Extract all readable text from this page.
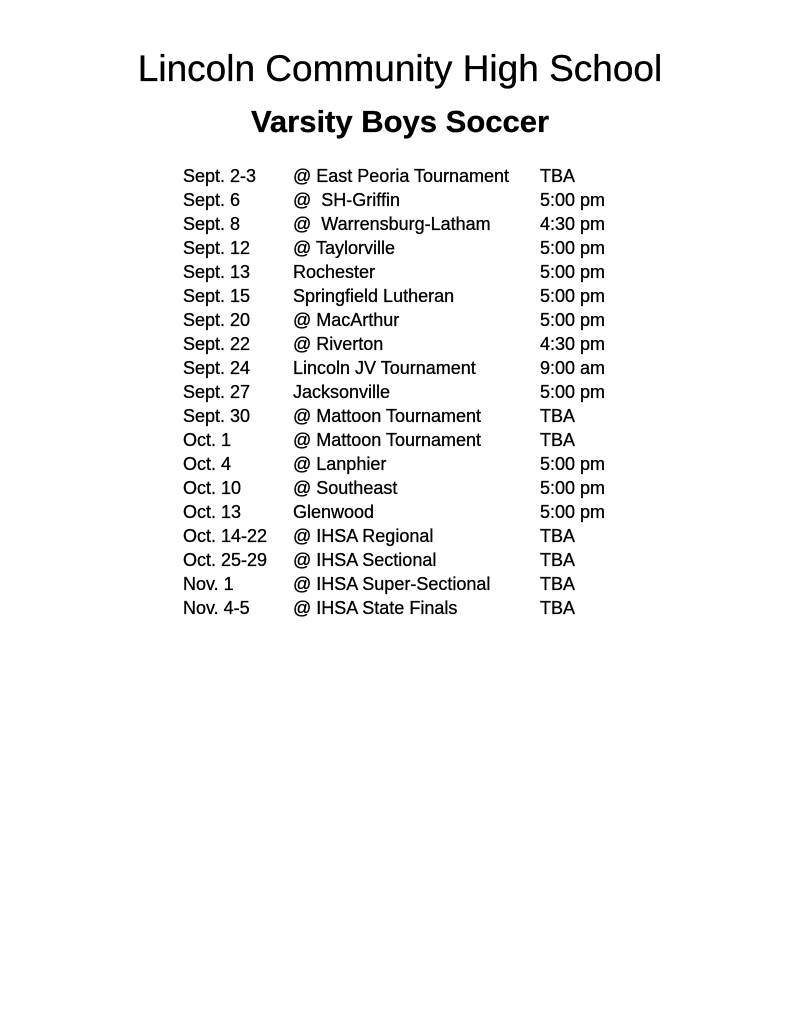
Lincoln Community High School
Varsity Boys Soccer
Sept. 2-3	@ East Peoria Tournament	TBA
Sept. 6	@  SH-Griffin	5:00 pm
Sept. 8	@  Warrensburg-Latham	4:30 pm
Sept. 12	@ Taylorville	5:00 pm
Sept. 13	Rochester	5:00 pm
Sept. 15	Springfield Lutheran	5:00 pm
Sept. 20	@ MacArthur	5:00 pm
Sept. 22	@ Riverton	4:30 pm
Sept. 24	Lincoln JV Tournament	9:00 am
Sept. 27	Jacksonville	5:00 pm
Sept. 30	@ Mattoon Tournament	TBA
Oct. 1	@ Mattoon Tournament	TBA
Oct. 4	@ Lanphier	5:00 pm
Oct. 10	@ Southeast	5:00 pm
Oct. 13	Glenwood	5:00 pm
Oct. 14-22	@ IHSA Regional	TBA
Oct. 25-29	@ IHSA Sectional	TBA
Nov. 1	@ IHSA Super-Sectional	TBA
Nov. 4-5	@ IHSA State Finals	TBA
